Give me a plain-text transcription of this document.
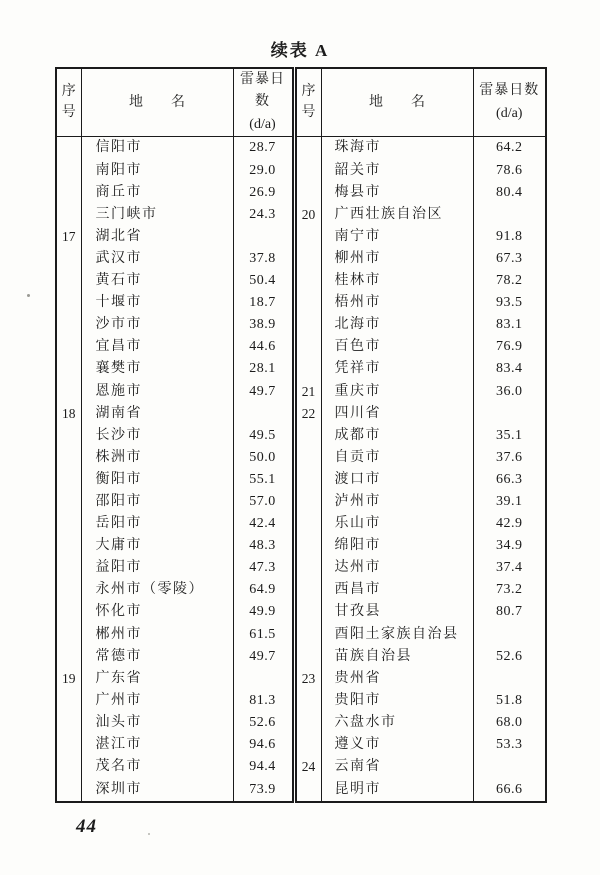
续表 A
序号	地　　名	
雷暴日数
(d/a)
	序号	地　　名	
雷暴日数
(d/a)

	信阳市	28.7		珠海市	64.2
	南阳市	29.0		韶关市	78.6
	商丘市	26.9		梅县市	80.4
	三门峡市	24.3	20	广西壮族自治区	
17	湖北省			南宁市	91.8
	武汉市	37.8		柳州市	67.3
	黄石市	50.4		桂林市	78.2
	十堰市	18.7		梧州市	93.5
	沙市市	38.9		北海市	83.1
	宜昌市	44.6		百色市	76.9
	襄樊市	28.1		凭祥市	83.4
	恩施市	49.7	21	重庆市	36.0
18	湖南省		22	四川省	
	长沙市	49.5		成都市	35.1
	株洲市	50.0		自贡市	37.6
	衡阳市	55.1		渡口市	66.3
	邵阳市	57.0		泸州市	39.1
	岳阳市	42.4		乐山市	42.9
	大庸市	48.3		绵阳市	34.9
	益阳市	47.3		达州市	37.4
	永州市（零陵）	64.9		西昌市	73.2
	怀化市	49.9		甘孜县	80.7
	郴州市	61.5		酉阳土家族自治县	
	常德市	49.7		苗族自治县	52.6
19	广东省		23	贵州省	
	广州市	81.3		贵阳市	51.8
	汕头市	52.6		六盘水市	68.0
	湛江市	94.6		遵义市	53.3
	茂名市	94.4	24	云南省	
	深圳市	73.9		昆明市	66.6
44
